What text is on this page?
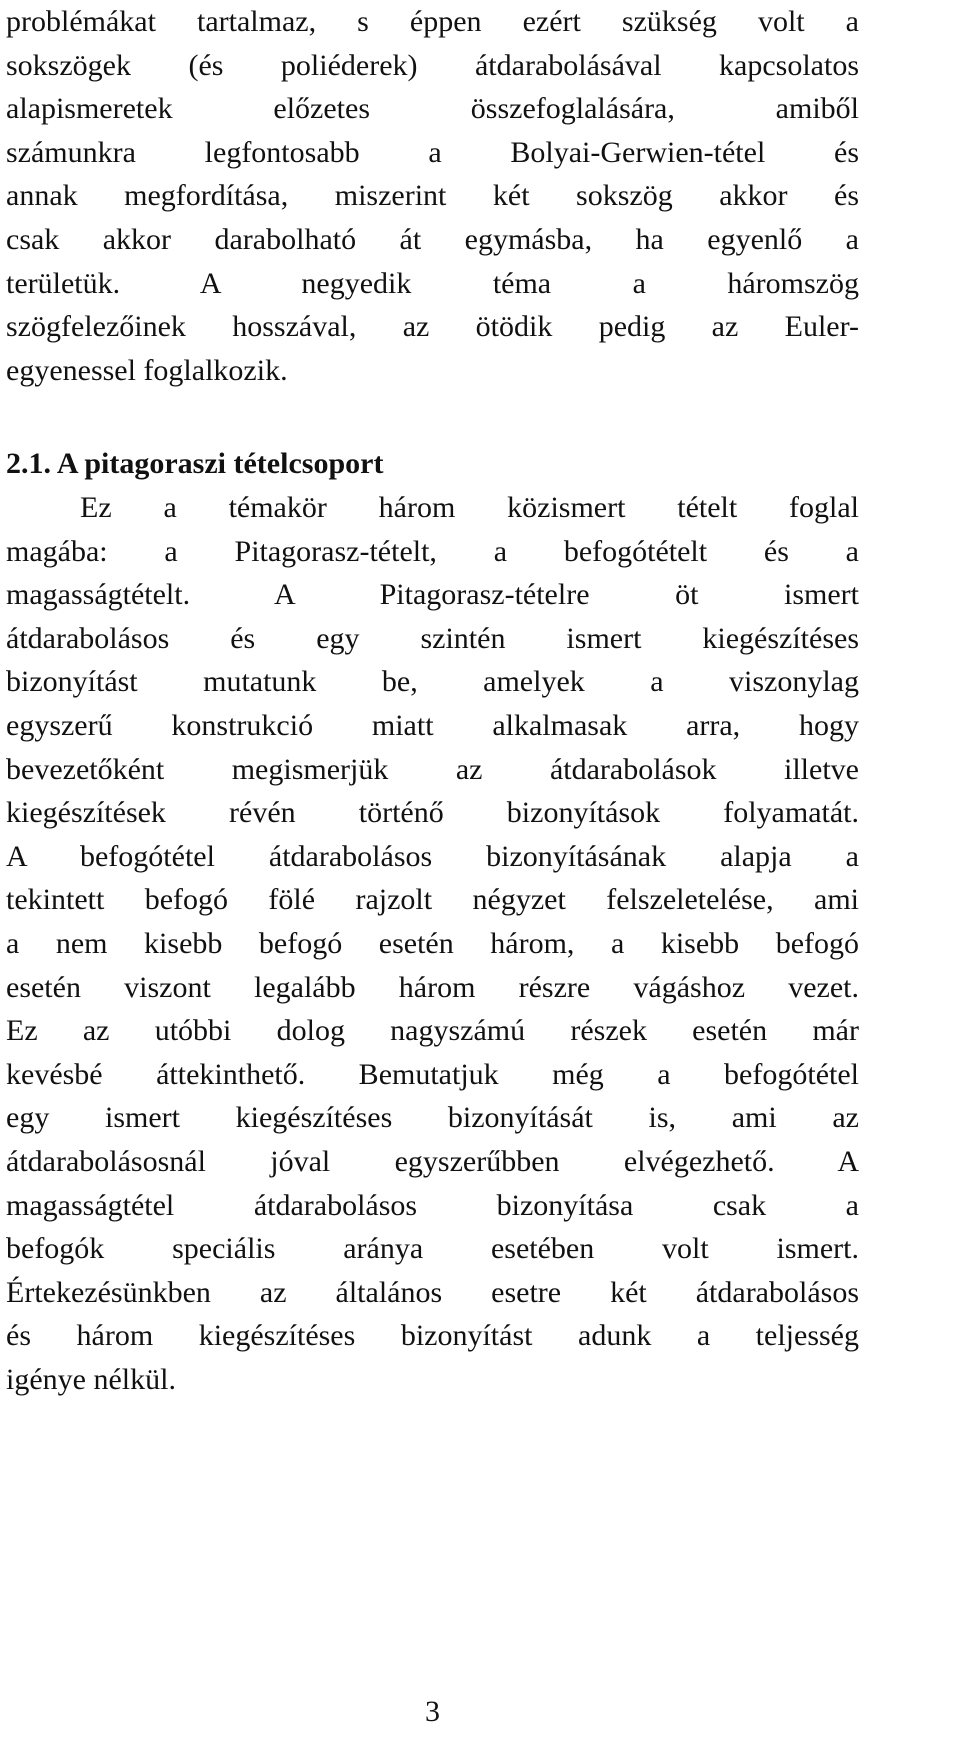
problémákat tartalmaz, s éppen ezért szükség volt a
sokszögek (és poliéderek) átdarabolásával kapcsolatos
alapismeretek előzetes összefoglalására, amiből
számunkra legfontosabb a Bolyai-Gerwien-tétel és
annak megfordítása, miszerint két sokszög akkor és
csak akkor darabolható át egymásba, ha egyenlő a
területük. A negyedik téma a háromszög
szögfelezőinek hosszával, az ötödik pedig az Euler-
egyenessel foglalkozik.
2.1. A pitagoraszi tételcsoport
Ez a témakör három közismert tételt foglal
magába: a Pitagorasz-tételt, a befogótételt és a
magasságtételt. A Pitagorasz-tételre öt ismert
átdarabolásos és egy szintén ismert kiegészítéses
bizonyítást mutatunk be, amelyek a viszonylag
egyszerű konstrukció miatt alkalmasak arra, hogy
bevezetőként megismerjük az átdarabolások illetve
kiegészítések révén történő bizonyítások folyamatát.
A befogótétel átdarabolásos bizonyításának alapja a
tekintett befogó fölé rajzolt négyzet felszeletelése, ami
a nem kisebb befogó esetén három, a kisebb befogó
esetén viszont legalább három részre vágáshoz vezet.
Ez az utóbbi dolog nagyszámú részek esetén már
kevésbé áttekinthető. Bemutatjuk még a befogótétel
egy ismert kiegészítéses bizonyítását is, ami az
átdarabolásosnál jóval egyszerűbben elvégezhető. A
magasságtétel átdarabolásos bizonyítása csak a
befogók speciális aránya esetében volt ismert.
Értekezésünkben az általános esetre két átdarabolásos
és három kiegészítéses bizonyítást adunk a teljesség
igénye nélkül.
3
